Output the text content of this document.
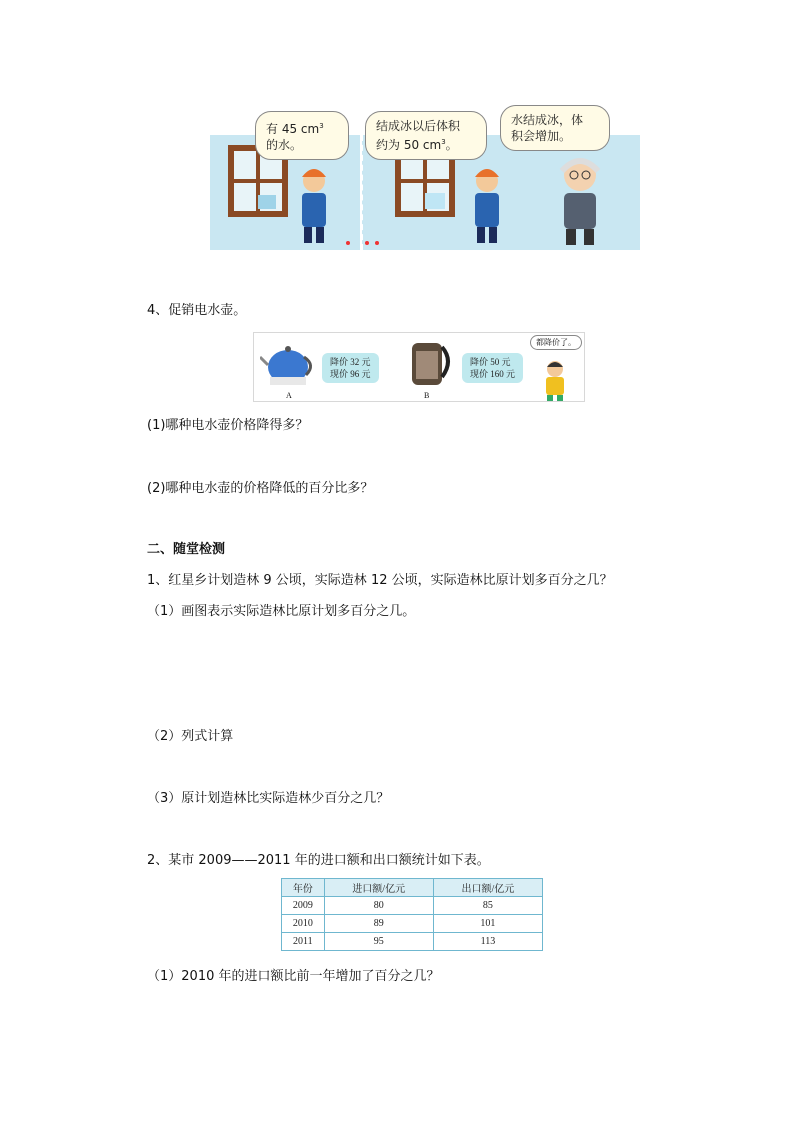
有 45 $cm^3$
的水。
结成冰以后体积
约为 50 $cm^3$。
水结成冰，体
积会增加。
4、促销电水壶。
A
降价 32 元
现价 96 元
B
降价 50 元
现价 160 元
都降价了。
(1)哪种电水壶价格降得多？
(2)哪种电水壶的价格降低的百分比多？
二、随堂检测
1、红星乡计划造林 9 公顷，实际造林 12 公顷，实际造林比原计划多百分之几？
（1）画图表示实际造林比原计划多百分之几。
（2）列式计算
（3）原计划造林比实际造林少百分之几？
2、某市 2009——2011 年的进口额和出口额统计如下表。
年份	进口额/亿元	出口额/亿元
2009	80	85
2010	89	101
2011	95	113
（1）2010 年的进口额比前一年增加了百分之几？
